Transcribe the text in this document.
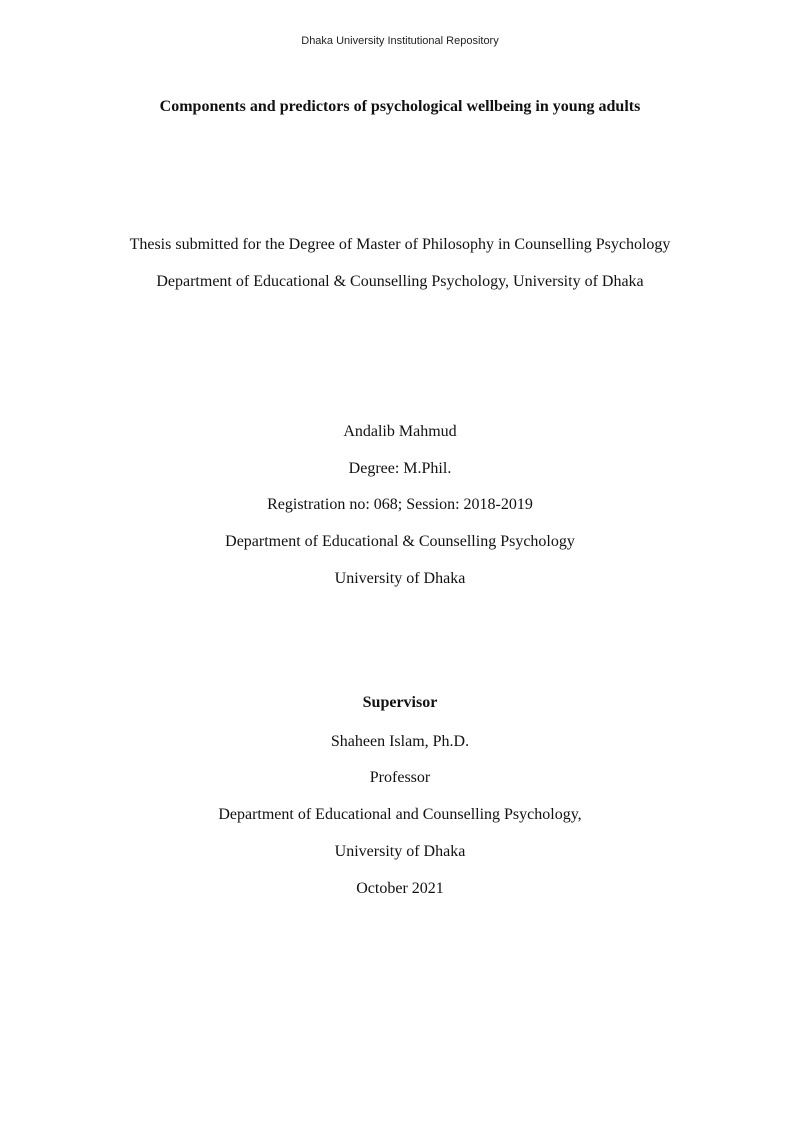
Dhaka University Institutional Repository
Components and predictors of psychological wellbeing in young adults
Thesis submitted for the Degree of Master of Philosophy in Counselling Psychology
Department of Educational & Counselling Psychology, University of Dhaka
Andalib Mahmud
Degree: M.Phil.
Registration no: 068; Session: 2018-2019
Department of Educational & Counselling Psychology
University of Dhaka
Supervisor
Shaheen Islam, Ph.D.
Professor
Department of Educational and Counselling Psychology,
University of Dhaka
October 2021
